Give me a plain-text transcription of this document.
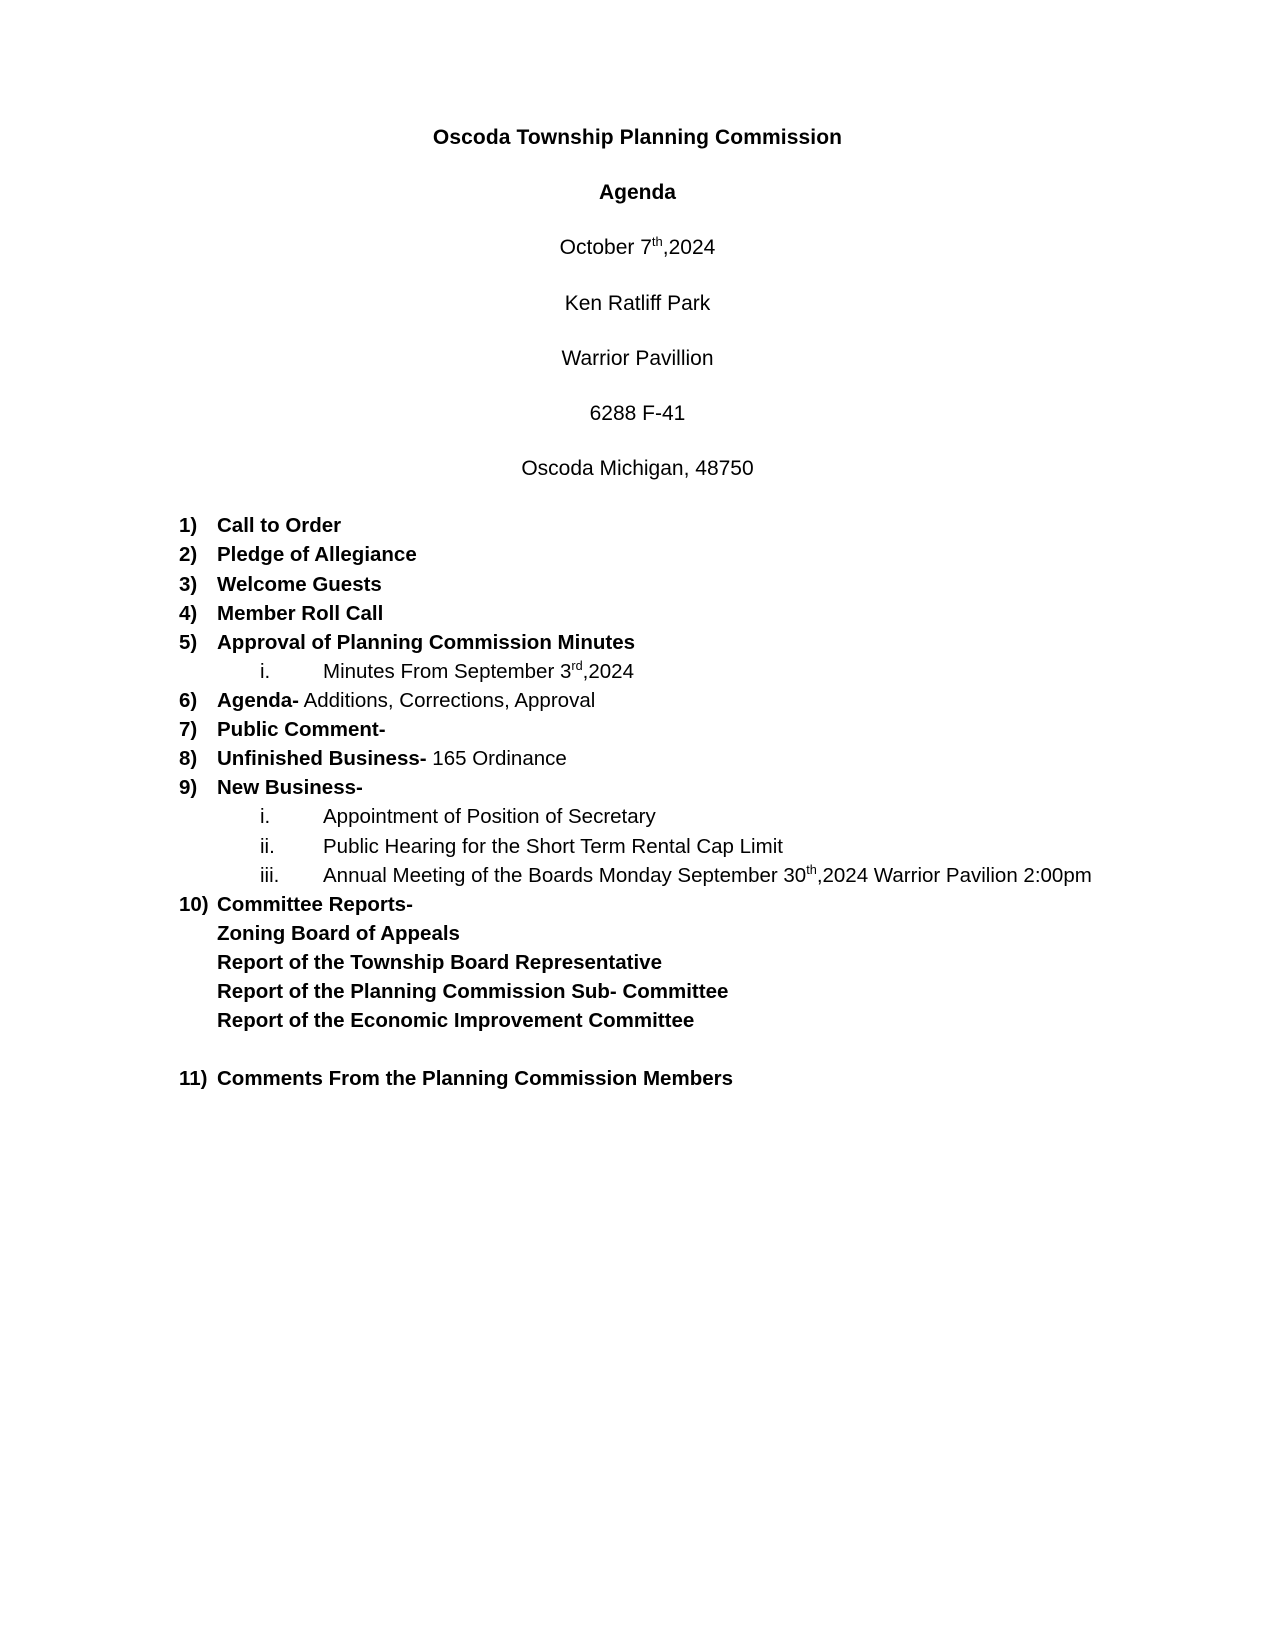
Oscoda Township Planning Commission
Agenda
October 7th,2024
Ken Ratliff Park
Warrior Pavillion
6288 F-41
Oscoda Michigan, 48750
1) Call to Order
2) Pledge of Allegiance
3) Welcome Guests
4) Member Roll Call
5) Approval of Planning Commission Minutes
i.	Minutes From September 3rd,2024
6) Agenda- Additions, Corrections, Approval
7) Public Comment-
8) Unfinished Business- 165 Ordinance
9) New Business-
i.	Appointment of Position of Secretary
ii. Public Hearing for the Short Term Rental Cap Limit
iii. Annual Meeting of the Boards Monday September 30th,2024 Warrior Pavilion 2:00pm
10) Committee Reports-
Zoning Board of Appeals
Report of the Township Board Representative
Report of the Planning Commission Sub- Committee
Report of the Economic Improvement Committee
11) Comments From the Planning Commission Members
